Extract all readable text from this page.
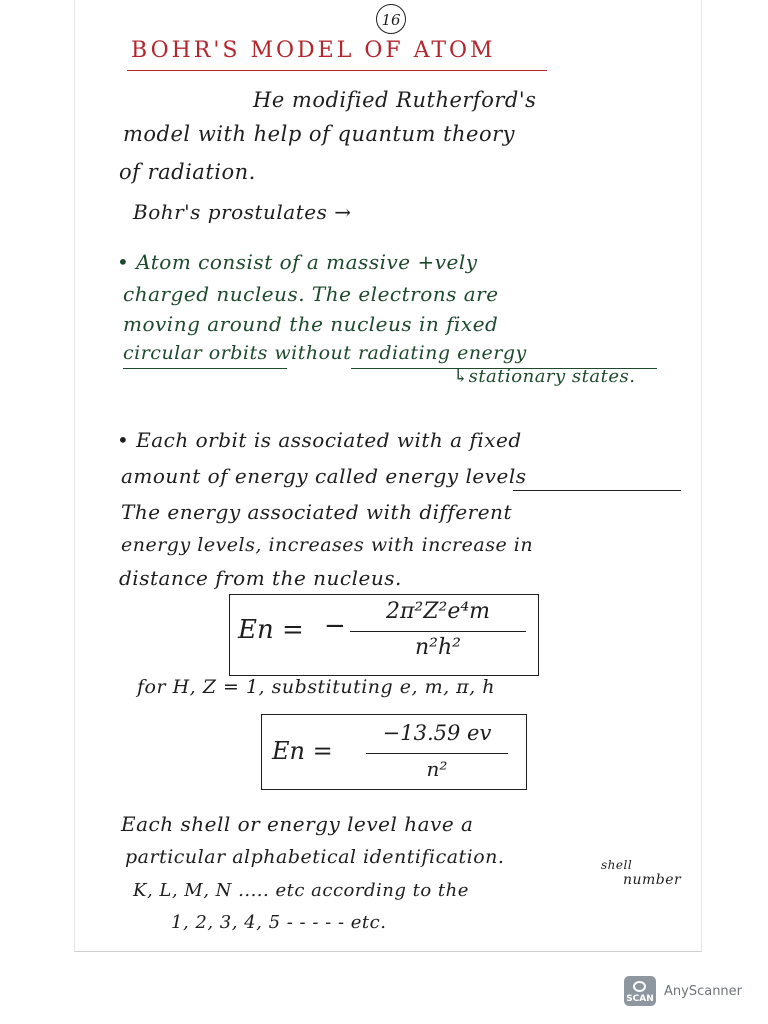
16
BOHR'S MODEL OF ATOM
He modified Rutherford's
model with help of quantum theory
of radiation.
Bohr's prostulates →
• Atom consist of a massive +vely
charged nucleus. The electrons are
moving around the nucleus in fixed
circular orbits without radiating energy
↳stationary states.
• Each orbit is associated with a fixed
amount of energy called energy levels
The energy associated with different
energy levels, increases with increase in
distance from the nucleus.
En = −	2π²Z²e⁴m
n²h²
for H, Z = 1, substituting e, m, π, h
En =
−13.59 ev
n²
Each shell or energy level have a
particular alphabetical identification.
K, L, M, N ..... etc according to the
shell
number
1, 2, 3, 4, 5 - - - - - etc.
SCAN
AnyScanner
